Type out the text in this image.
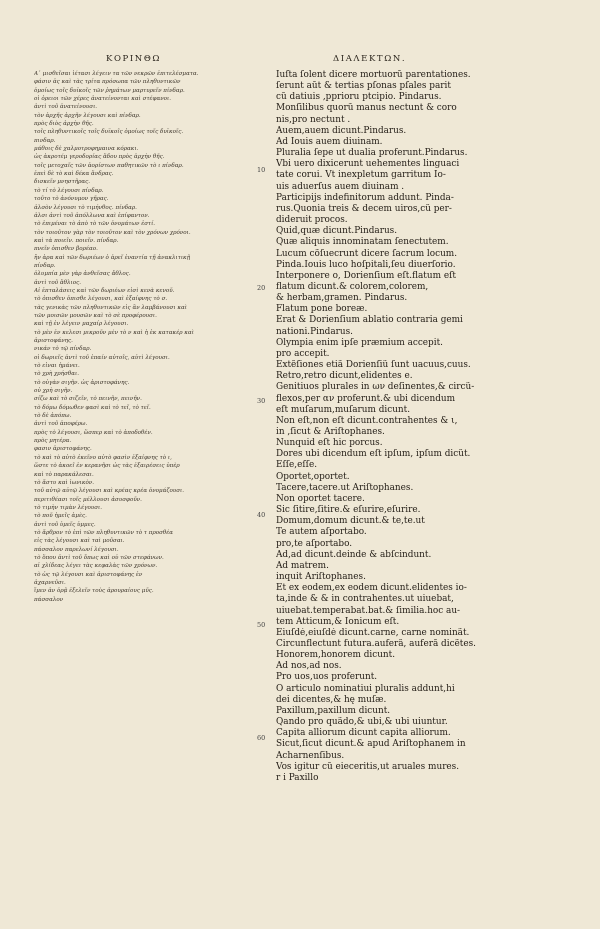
ΚΟΡΙΝΘΩ	ΔΙΑΛΕΚΤΩΝ.
Α᾽ μισθεῖσαι ἱέτασι λέγειν τα τῶν νεκρῶν ἐπιτελέσματα.
φάσιν ἀς καὶ τὰς τρίτα πρόσωπα τῶν πληθυντικῶν
ὁμοίως τοῖς δυϊκοῖς τῶν ῥημάτων μαρτυρεῖν πίνδαρ.
οἱ ὀρειοι τῶν χέρες ἀνατείνονται καὶ στέφανοι.
ἀντὶ τοῦ ἀνατείνουσι.
τὸν ἀρχῆς ἀρχῆν λέγουσι καὶ πίνδαρ.
πρὸς διὸς ἀρχὴν θῆς.
τοῖς πληθυντικοῖς τοῖς δυϊκοῖς ὁμοίως τοῖς δυϊκοῖς.
πινδαρ.
μάθοις δὲ χαλμοτροφημαινα κόρακι.
ὡς ἀκροτέμ γεροδορίας ἄδου πρὸς ἀρχὴν θῆς.
τοῖς μετοχαῖς τῶν ἀορίστων παθητικῶν τὸ ι πίνδαρ.
ἐπεὶ δὲ τὸ καὶ δέκα ἄνδρας.
δισκεῖν μνηστῆρας.
τὸ τί τὸ λέγουσι πίνδαρ.
τοῦτο τὸ ἀνόνυμον γῆρας.
ἀλσὸν λέγουσι τὸ τιμήνθος. πίνδαρ.
ἀλσι ἀντὶ τοῦ ἀπόλλωνα καὶ ἐπίφαντον.
τὸ ἐπιμέναι τὸ ἀπὸ τὸ τῶν ὀνομάτων ἐστί.
τὸν τοιοῦτον γὰρ τὸν τοιοῦτον καὶ τὸν χρόνων χρόνοι.
καὶ τὰ ποιεῖν. ποιεῖν. πίνδαρ.
πνεῖν ὀπισθεν βορέαο.
ἢν ἀρα καὶ τῶν δωριέων ὁ ἀρεῖ ἐναντία τῇ ἀνακλιτικῇ
πίνδαρ.
ὀλυμπία μὲν γὰρ ἀνθεῖσας ἄθλος.
ἀντὶ τοῦ ἄθλιος.
Αἱ ἐπταλάσεις καὶ τῶν δωριέων εἰσὶ κενὰ κενοῦ.
τὸ ὀπισθεν ὀπισθε λέγουσι, καὶ ἐξαίφνης τὸ σ.
τὰς γενικὰς τῶν πληθυντικῶν εἰς ἂν λαμβάνουσι καὶ
τῶν μοισῶν μουσῶν καὶ τὸ σὲ προφέρουσι.
καὶ τῇ ἐν λέγειν μαχαίρ λέγουσι.
τὸ μὲν ἐν κελεσι μικροῦν μὲν τὸ ν καὶ ἡ ἐκ κατακέρ καὶ
ἀριστοφάνης.
νικάν τὸ τῷ πίνδαρ.
οἱ δωριεῖς ἀντὶ τοῦ ἐπαίν αὐτοῖς, αὐτὶ λέγουσι.
τὸ εἶναι ἠμάνει.
τὸ χρὴ χρήσθαι.
τὸ οὐγὰν σιγῆν. ὡς ἀριστοφάνης.
οὐ χρὴ σιγῆν.
σίζω καὶ τὸ σιζεῖν, τὸ πεινῆν, πεινῆν.
τὸ δόμω δόμωθεν φασὶ καὶ τὸ τεῖ, τὸ τεῖ.
τὸ δὲ ἀπόπω.
ἀντὶ τοῦ ἀποφέρω.
πρὸς τὸ λέγουσι, ὥσπερ καὶ τὸ ἀποδοθέν.
πρὸς μητέρα.
φασιν ἀριστοφάνης.
τὸ καὶ τὸ αὐτὸ ἐκεῖνο αὐτὸ φασὶν ἐξαίφνης τὸ ι,
ὥστε τὸ ἀκοεῖ ἐν κερανῆσι ὡς τὰς ἐξαιρέσεις ὑπὲρ
καὶ τὸ παρακάλεσαι.
τὸ ἄστυ καὶ ἰωνικὸν.
τοῦ αὐτῷ αὐτῷ λέγουσι καὶ κρέας κρέα ὀνομάζουσι.
περιτιθέασι τοῖς μέλλουσι ἀσυσφοῦν.
τὸ τιμὴν τιμὰν λέγουσι.
τὸ ποῦ ἡμεῖς ἁμὲς.
ἀντὶ τοῦ ὑμεῖς ὑμμες.
τὸ ἄρθρον τὸ ἐπὶ τῶν πληθυντικῶν τὸ τ προσθέα
εἰς τὰς λέγουσι καὶ ταὶ μοῦσαι.
πάσσαλον παρελωνί λέγουσι.
τὸ ὅπου ἀντὶ τοῦ ὅπως καὶ οὐ τῶν στεφάνων.
αἱ χλίδεας λέγει τὰς κεφαλὰς τῶν χρόνων.
τὸ ὡς τῷ λέγουσι καὶ ἀριστοφάνης ἐν
ἀχαρνεῦσι.
ἴμεν ἀν ὁρᾷ ἐξελεῖν τοὺς ἀρουραίους μῦς.
πάσσαλον
Iuſta ſolent dicere mortuorũ parentationes.
ſerunt aũt & tertias pſonas pſales parit
cũ datiuis ,pprioru ptcipio. Pindarus.
Monſilibus quorũ manus nectunt & coro
nis,pro nectunt .
Auem,auem dicunt.Pindarus.
Ad Iouis auem diuinam.
Pluralia ſepe ut dualia proferunt.Pindarus.
Vbi uero dixicerunt uehementes linguaci
tate corui. Vt inexpletum garritum Io-
uis aduerſus auem diuinam .
Participijs indefinitorum addunt. Pinda-
rus.Quonia treis & decem uiros,cũ per-
dideruit procos.
Quid,quæ dicunt.Pindarus.
Quæ aliquis innominatam ſenectutem.
Lucum cõſuecrunt dicere ſacrum locum.
Pinda.Iouis luco hoſpitali,ſeu diuerſorio.
Interponere o, Dorienſium eſt.flatum eſt
flatum dicunt.& colorem,colorem,
& herbam,gramen. Pindarus.
Flatum pone boreæ.
Erat & Dorienſium ablatio contraria gemi
nationi.Pindarus.
Olympia enim ipſe præmium accepit.
pro accepit.
Extẽſiones etiã Dorienſiũ ſunt uacuus,cuus.
Retro,retro dicunt,elidentes e.
Genitiuos plurales in ων deſinentes,& circũ-
flexos,per αν proferunt.& ubi dicendum
eſt muſarum,muſarum dicunt.
Non eſt,non eſt dicunt.contrahentes & ι,
in ,ſicut & Ariſtophanes.
Nunquid eſt hic porcus.
Dores ubi dicendum eſt ipſum, ipſum dicũt.
Eſſe,eſſe.
Oportet,oportet.
Tacere,tacere.ut Ariſtophanes.
Non oportet tacere.
Sic ſitire,ſitire.& eſurire,eſurire.
Domum,domum dicunt.& te,te.ut
Te autem aſportabo.
pro,te aſportabo.
Ad,ad dicunt.deinde & abſcindunt.
Ad matrem.
inquit Ariſtophanes.
Et ex eodem,ex eodem dicunt.elidentes io-
ta,inde & & in contrahentes.ut uiuebat,
uiuebat.temperabat.bat.& ſimilia.hoc au-
tem Atticum,& Ionicum eſt.
Eiuſdé,eiuſdé dicunt.carne, carne nominãt.
Circunflectunt futura.auferã, auferã dicẽtes.
Honorem,honorem dicunt.
Ad nos,ad nos.
Pro uos,uos proferunt.
O articulo nominatiui pluralis addunt,hi
dei dicentes,& hę muſæ.
Paxillum,paxillum dicunt.
Qando pro quãdo,& ubi,& ubi uiuntur.
Capita alliorum dicunt capita alliorum.
Sicut,ſicut dicunt.& apud Ariſtophanem in
Acharnenſibus.
Vos igitur cũ eieceritis,ut aruales mures.
r i Paxillo
10
20
30
40
50
60
